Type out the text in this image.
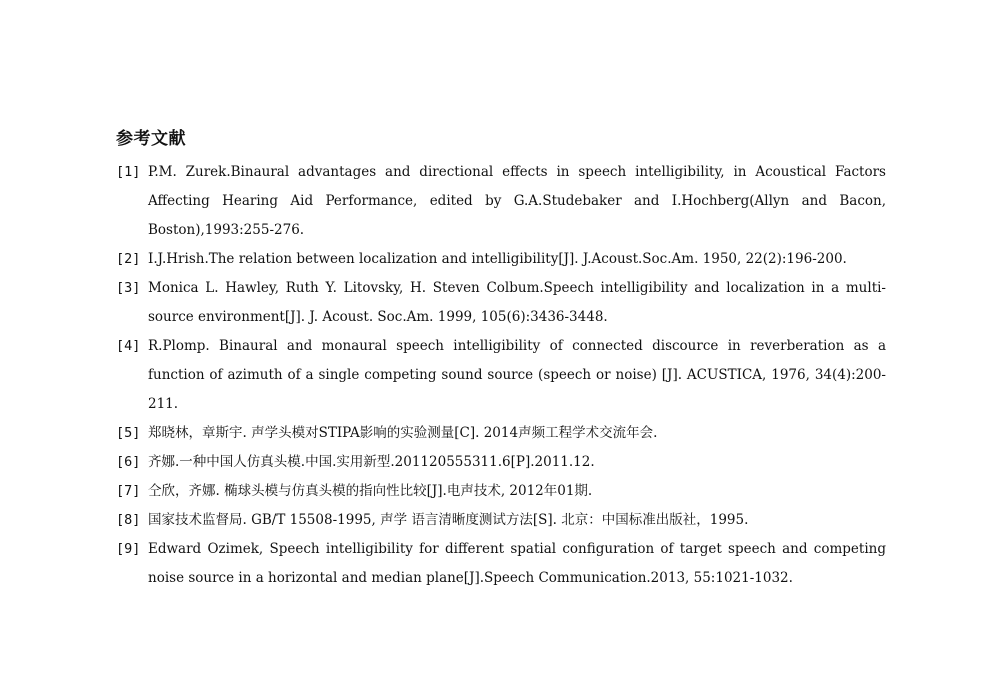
参考文献
[1] P.M. Zurek.Binaural advantages and directional effects in speech intelligibility, in Acoustical Factors Affecting Hearing Aid Performance, edited by G.A.Studebaker and I.Hochberg(Allyn and Bacon, Boston),1993:255-276.
[2] I.J.Hrish.The relation between localization and intelligibility[J]. J.Acoust.Soc.Am. 1950, 22(2):196-200.
[3] Monica L. Hawley, Ruth Y. Litovsky, H. Steven Colbum.Speech intelligibility and localization in a multi-source environment[J]. J. Acoust. Soc.Am. 1999, 105(6):3436-3448.
[4] R.Plomp. Binaural and monaural speech intelligibility of connected discource in reverberation as a function of azimuth of a single competing sound source (speech or noise) [J]. ACUSTICA, 1976, 34(4):200-211.
[5] 郑晓林，章斯宇. 声学头模对STIPA影响的实验测量[C]. 2014声频工程学术交流年会.
[6] 齐娜.一种中国人仿真头模.中国.实用新型.201120555311.6[P].2011.12.
[7] 仝欣，齐娜. 椭球头模与仿真头模的指向性比较[J].电声技术, 2012年01期.
[8] 国家技术监督局. GB/T 15508-1995, 声学 语言清晰度测试方法[S]. 北京：中国标准出版社，1995.
[9] Edward Ozimek, Speech intelligibility for different spatial configuration of target speech and competing noise source in a horizontal and median plane[J].Speech Communication.2013, 55:1021-1032.
